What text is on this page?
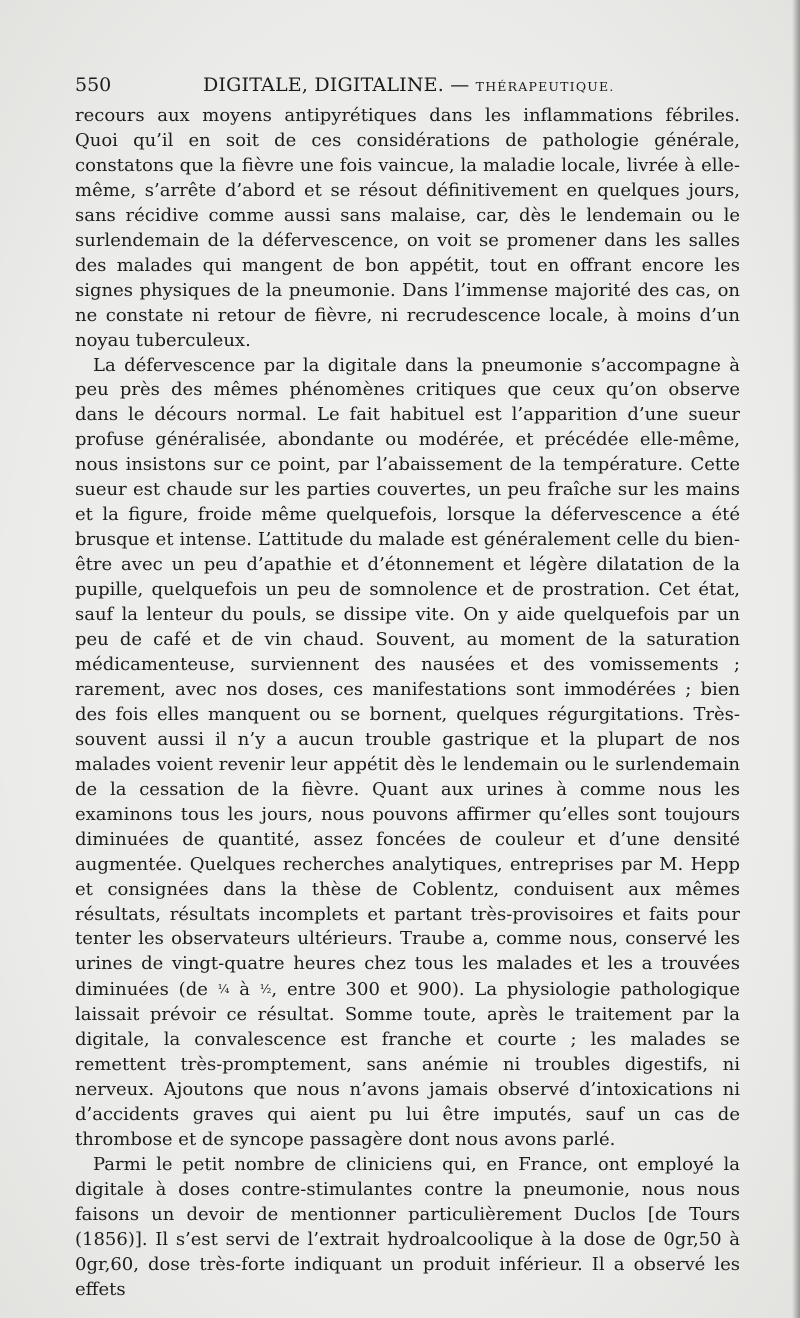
550	DIGITALE, DIGITALINE. — THÉRAPEUTIQUE.

recours aux moyens antipyrétiques dans les inflammations fébriles. Quoi qu’il en soit de ces considérations de pathologie générale, constatons que la fièvre une fois vaincue, la maladie locale, livrée à elle-même, s’arrête d’abord et se résout définitivement en quelques jours, sans récidive comme aussi sans malaise, car, dès le lendemain ou le surlendemain de la défervescence, on voit se promener dans les salles des malades qui mangent de bon appétit, tout en offrant encore les signes physiques de la pneumonie. Dans l’immense majorité des cas, on ne constate ni retour de fièvre, ni recrudescence locale, à moins d’un noyau tuberculeux.

La défervescence par la digitale dans la pneumonie s’accompagne à peu près des mêmes phénomènes critiques que ceux qu’on observe dans le décours normal. Le fait habituel est l’apparition d’une sueur profuse généralisée, abondante ou modérée, et précédée elle-même, nous insistons sur ce point, par l’abaissement de la température. Cette sueur est chaude sur les parties couvertes, un peu fraîche sur les mains et la figure, froide même quelquefois, lorsque la défervescence a été brusque et intense. L’attitude du malade est généralement celle du bien-être avec un peu d’apathie et d’étonnement et légère dilatation de la pupille, quelquefois un peu de somnolence et de prostration. Cet état, sauf la lenteur du pouls, se dissipe vite. On y aide quelquefois par un peu de café et de vin chaud. Souvent, au moment de la saturation médicamenteuse, surviennent des nausées et des vomissements ; rarement, avec nos doses, ces manifestations sont immodérées ; bien des fois elles manquent ou se bornent, quelques régurgitations. Très-souvent aussi il n’y a aucun trouble gastrique et la plupart de nos malades voient revenir leur appétit dès le lendemain ou le surlendemain de la cessation de la fièvre. Quant aux urines à comme nous les examinons tous les jours, nous pouvons affirmer qu’elles sont toujours diminuées de quantité, assez foncées de couleur et d’une densité augmentée. Quelques recherches analytiques, entreprises par M. Hepp et consignées dans la thèse de Coblentz, conduisent aux mêmes résultats, résultats incomplets et partant très-provisoires et faits pour tenter les observateurs ultérieurs. Traube a, comme nous, conservé les urines de vingt-quatre heures chez tous les malades et les a trouvées diminuées (de ¼ à ½, entre 300 et 900). La physiologie pathologique laissait prévoir ce résultat. Somme toute, après le traitement par la digitale, la convalescence est franche et courte ; les malades se remettent très-promptement, sans anémie ni troubles digestifs, ni nerveux. Ajoutons que nous n’avons jamais observé d’intoxications ni d’accidents graves qui aient pu lui être imputés, sauf un cas de thrombose et de syncope passagère dont nous avons parlé.

Parmi le petit nombre de cliniciens qui, en France, ont employé la digitale à doses contre-stimulantes contre la pneumonie, nous nous faisons un devoir de mentionner particulièrement Duclos [de Tours (1856)]. Il s’est servi de l’extrait hydroalcoolique à la dose de 0gr,50 à 0gr,60, dose très-forte indiquant un produit inférieur. Il a observé les effets
